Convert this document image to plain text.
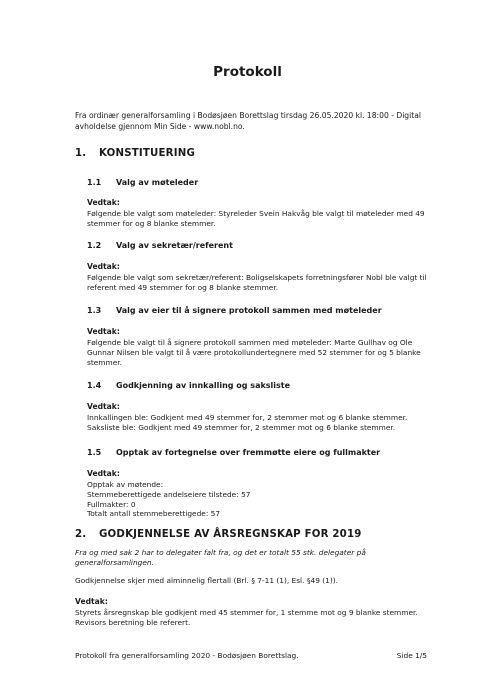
Protokoll
Fra ordinær generalforsamling i Bodøsjøen Borettslag tirsdag 26.05.2020 kl. 18:00 - Digital avholdelse gjennom Min Side - www.nobl.no.
1. KONSTITUERING
1.1 Valg av møteleder
Vedtak:
Følgende ble valgt som møteleder: Styreleder Svein Hakvåg ble valgt til møteleder med 49 stemmer for og 8 blanke stemmer.
1.2 Valg av sekretær/referent
Vedtak:
Følgende ble valgt som sekretær/referent: Boligselskapets forretningsfører Nobl ble valgt til referent med 49 stemmer for og 8 blanke stemmer.
1.3 Valg av eier til å signere protokoll sammen med møteleder
Vedtak:
Følgende ble valgt til å signere protokoll sammen med møteleder: Marte Gullhav og Ole Gunnar Nilsen ble valgt til å være protokollundertegnere med 52 stemmer for og 5 blanke stemmer.
1.4 Godkjenning av innkalling og saksliste
Vedtak:
Innkallingen ble: Godkjent med 49 stemmer for, 2 stemmer mot og 6 blanke stemmer.
Saksliste ble: Godkjent med 49 stemmer for, 2 stemmer mot og 6 blanke stemmer.
1.5 Opptak av fortegnelse over fremmøtte eiere og fullmakter
Vedtak:
Opptak av møtende:
Stemmeberettigede andelseiere tilstede: 57
Fullmakter: 0
Totalt antall stemmeberettigede: 57
2. GODKJENNELSE AV ÅRSREGNSKAP FOR 2019
Fra og med sak 2 har to delegater falt fra, og det er totalt 55 stk. delegater på generalforsamlingen.
Godkjennelse skjer med alminnelig flertall (Brl. § 7-11 (1), Esl. §49 (1)).
Vedtak:
Styrets årsregnskap ble godkjent med 45 stemmer for, 1 stemme mot og 9 blanke stemmer.
Revisors beretning ble referert.
Protokoll fra generalforsamling 2020 - Bodøsjøen Borettslag.	Side 1/5
